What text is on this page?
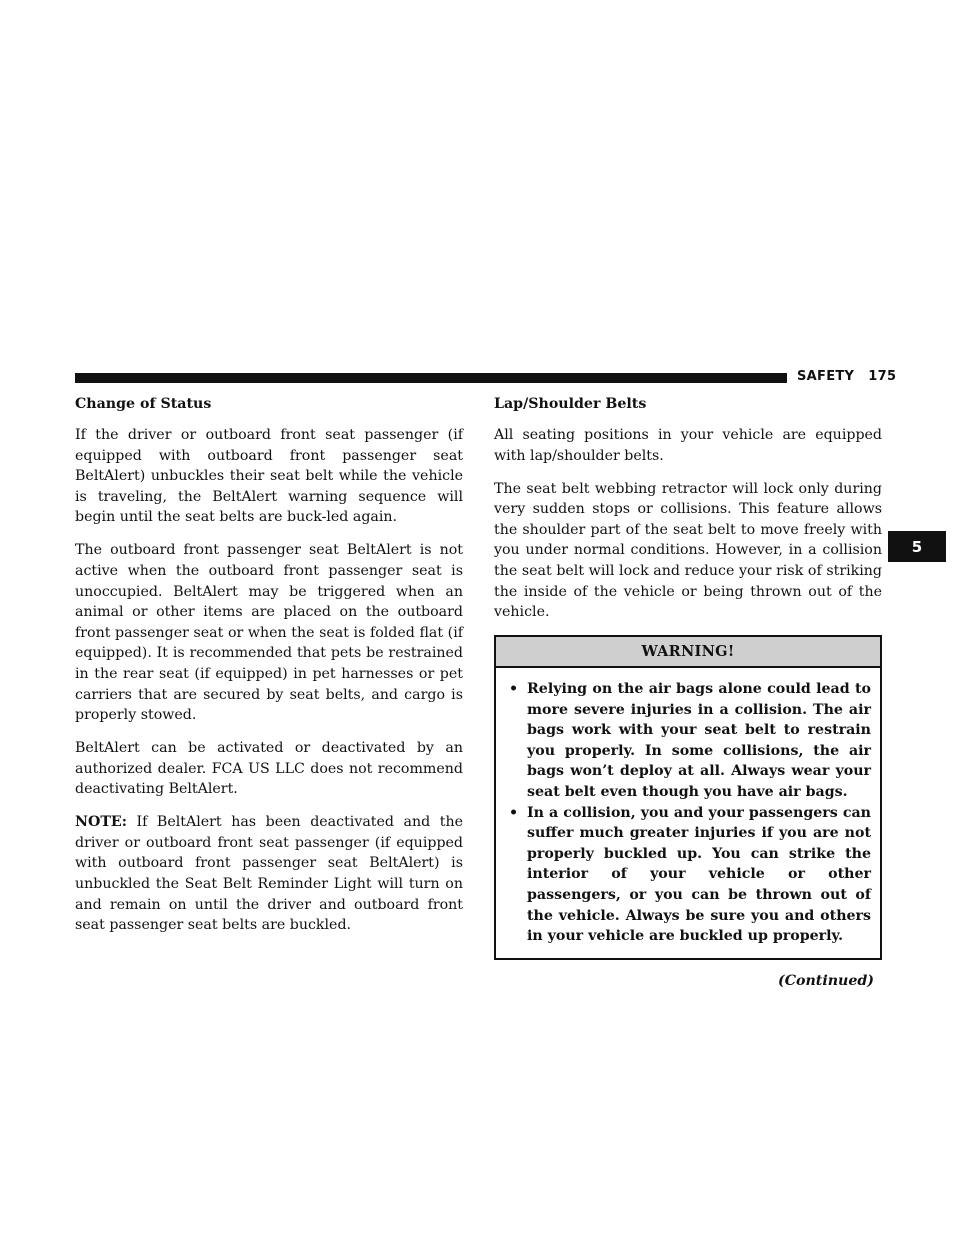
SAFETY 175
5
Change of Status

If the driver or outboard front seat passenger (if equipped with outboard front passenger seat BeltAlert) unbuckles their seat belt while the vehicle is traveling, the BeltAlert warning sequence will begin until the seat belts are buck-led again.

The outboard front passenger seat BeltAlert is not active when the outboard front passenger seat is unoccupied. BeltAlert may be triggered when an animal or other items are placed on the outboard front passenger seat or when the seat is folded flat (if equipped). It is recommended that pets be restrained in the rear seat (if equipped) in pet harnesses or pet carriers that are secured by seat belts, and cargo is properly stowed.

BeltAlert can be activated or deactivated by an authorized dealer. FCA US LLC does not recommend deactivating BeltAlert.

NOTE: If BeltAlert has been deactivated and the driver or outboard front seat passenger (if equipped with outboard front passenger seat BeltAlert) is unbuckled the Seat Belt Reminder Light will turn on and remain on until the driver and outboard front seat passenger seat belts are buckled.

Lap/Shoulder Belts

All seating positions in your vehicle are equipped with lap/shoulder belts.

The seat belt webbing retractor will lock only during very sudden stops or collisions. This feature allows the shoulder part of the seat belt to move freely with you under normal conditions. However, in a collision the seat belt will lock and reduce your risk of striking the inside of the vehicle or being thrown out of the vehicle.

WARNING!
• Relying on the air bags alone could lead to more severe injuries in a collision. The air bags work with your seat belt to restrain you properly. In some collisions, the air bags won’t deploy at all. Always wear your seat belt even though you have air bags.
• In a collision, you and your passengers can suffer much greater injuries if you are not properly buckled up. You can strike the interior of your vehicle or other passengers, or you can be thrown out of the vehicle. Always be sure you and others in your vehicle are buckled up properly.
(Continued)
